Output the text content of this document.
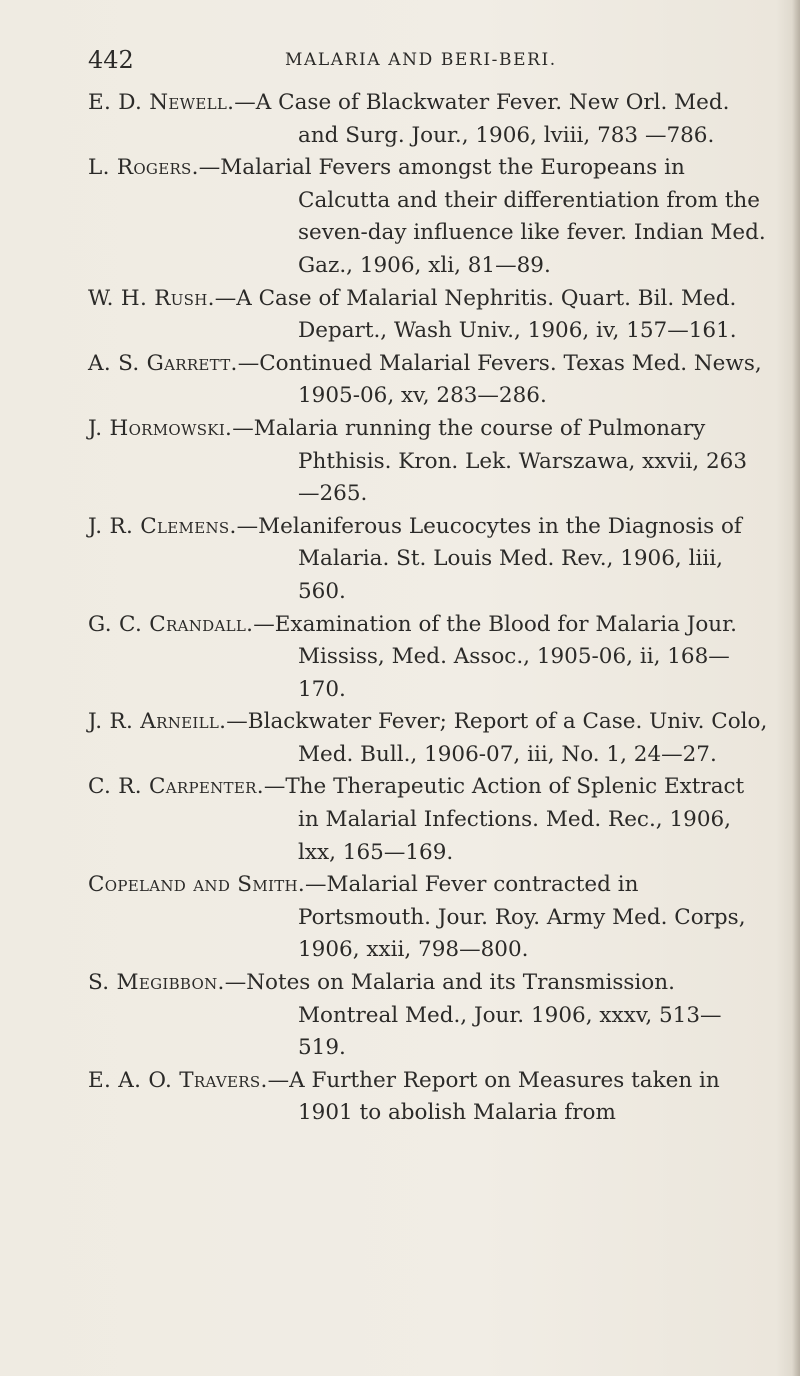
442	MALARIA AND BERI-BERI.
E. D. Newell.—A Case of Blackwater Fever. New Orl. Med. and Surg. Jour., 1906, lviii, 783 —786.
L. Rogers.—Malarial Fevers amongst the Europeans in Calcutta and their differentiation from the seven-day influence like fever. Indian Med. Gaz., 1906, xli, 81—89.
W. H. Rush.—A Case of Malarial Nephritis. Quart. Bil. Med. Depart., Wash Univ., 1906, iv, 157—161.
A. S. Garrett.—Continued Malarial Fevers. Texas Med. News, 1905-06, xv, 283—286.
J. Hormowski.—Malaria running the course of Pulmonary Phthisis. Kron. Lek. Warszawa, xxvii, 263—265.
J. R. Clemens.—Melaniferous Leucocytes in the Diagnosis of Malaria. St. Louis Med. Rev., 1906, liii, 560.
G. C. Crandall.—Examination of the Blood for Malaria Jour. Mississ, Med. Assoc., 1905-06, ii, 168—170.
J. R. Arneill.—Blackwater Fever; Report of a Case. Univ. Colo, Med. Bull., 1906-07, iii, No. 1, 24—27.
C. R. Carpenter.—The Therapeutic Action of Splenic Extract in Malarial Infections. Med. Rec., 1906, lxx, 165—169.
Copeland and Smith.—Malarial Fever contracted in Portsmouth. Jour. Roy. Army Med. Corps, 1906, xxii, 798—800.
S. Megibbon.—Notes on Malaria and its Transmission. Montreal Med., Jour. 1906, xxxv, 513—519.
E. A. O. Travers.—A Further Report on Measures taken in 1901 to abolish Malaria from
